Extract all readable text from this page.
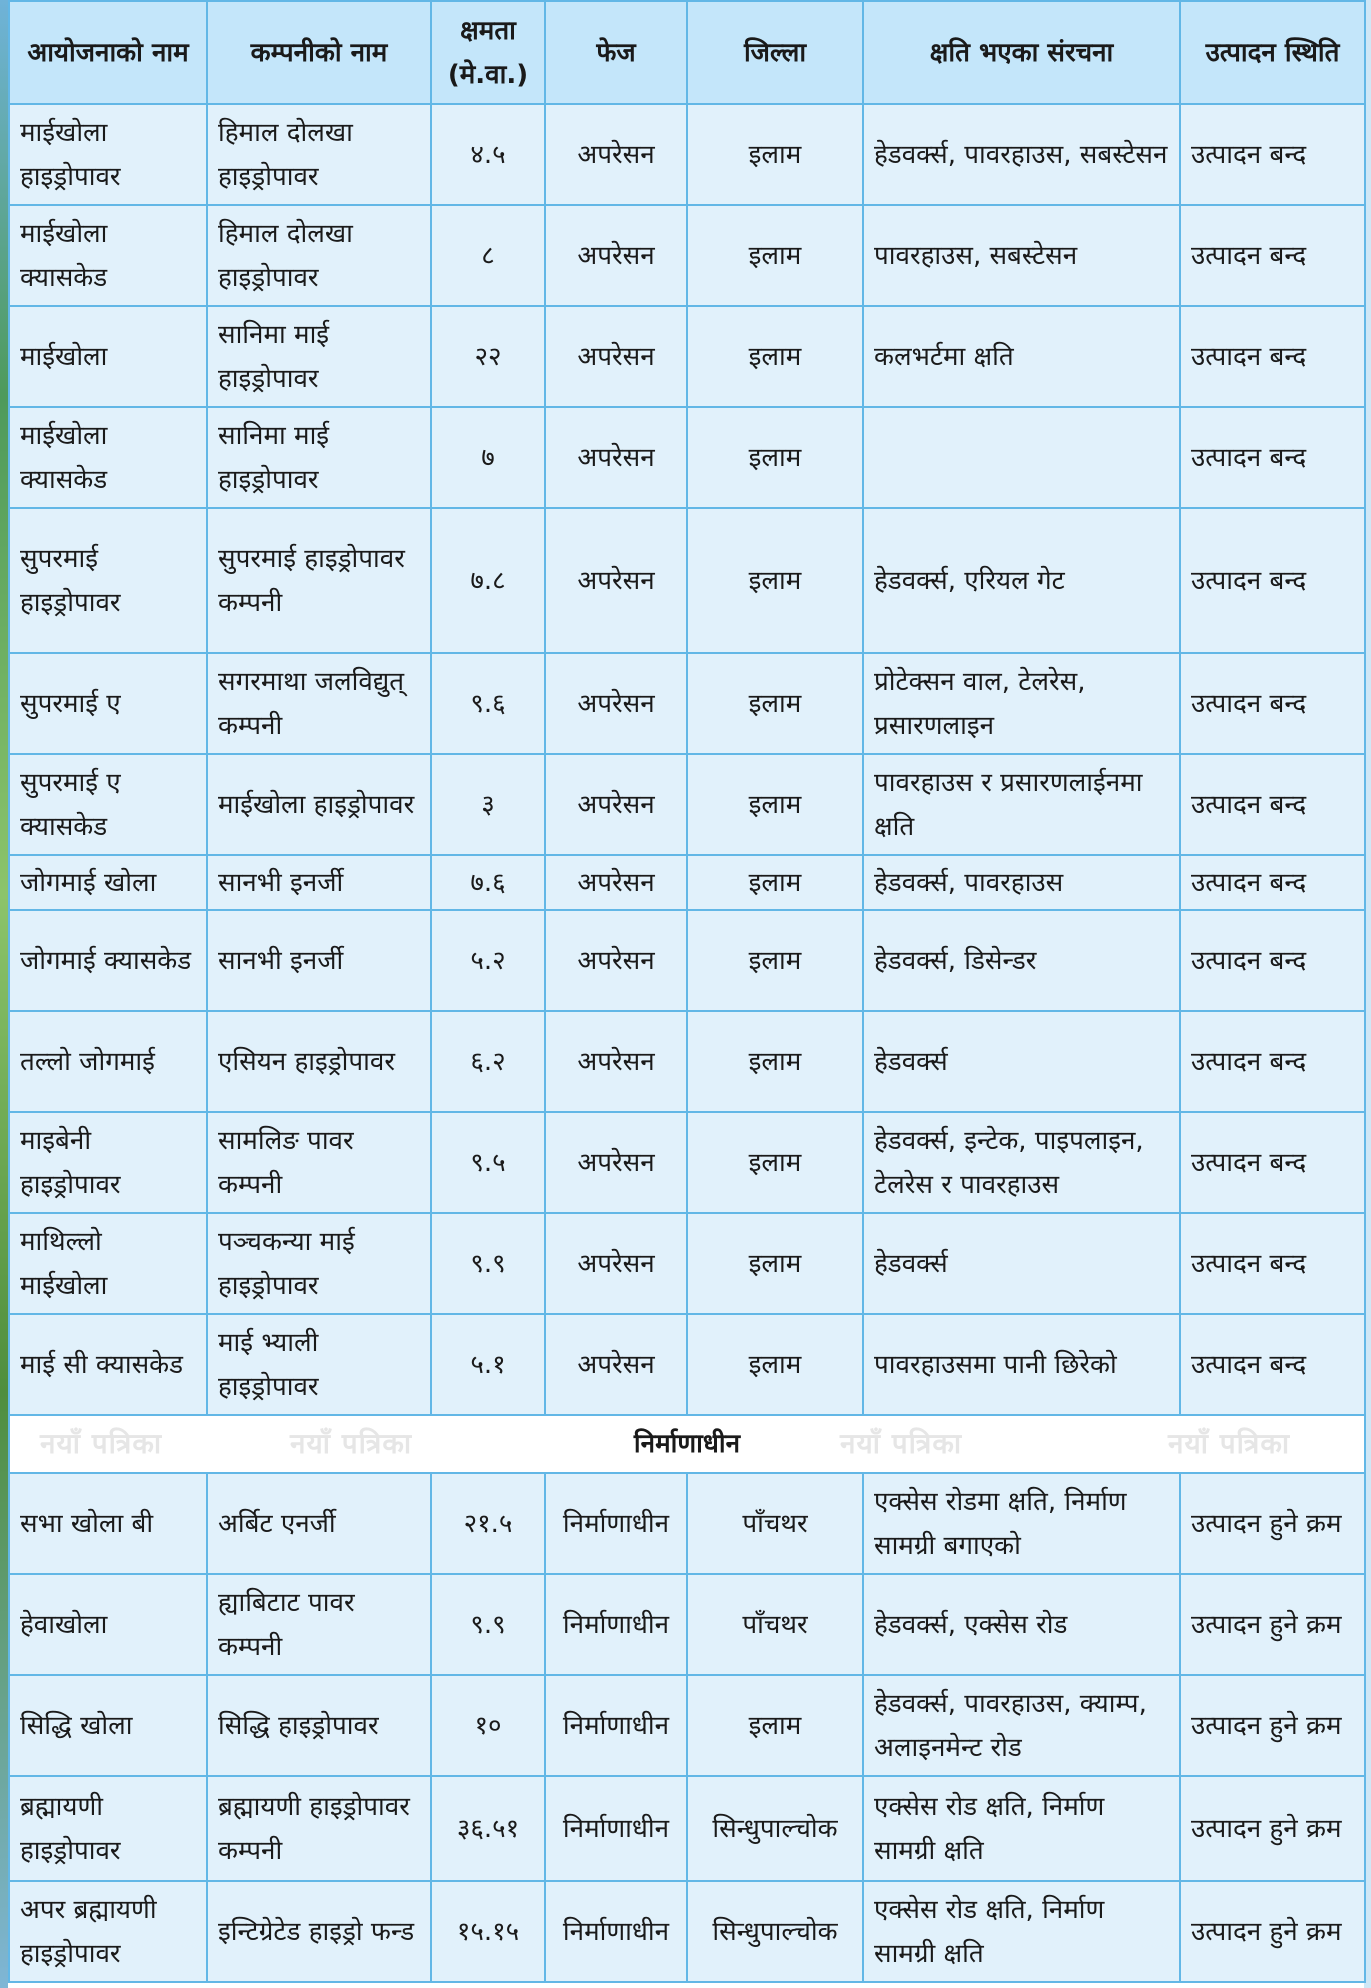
आयोजनाको नाम	कम्पनीको नाम	क्षमता (मे.वा.)	फेज	जिल्ला	क्षति भएका संरचना	उत्पादन स्थिति
माईखोला हाइड्रोपावर	हिमाल दोलखा हाइड्रोपावर	४.५	अपरेसन	इलाम	हेडवर्क्स, पावरहाउस, सबस्टेसन	उत्पादन बन्द
माईखोला क्यासकेड	हिमाल दोलखा हाइड्रोपावर	८	अपरेसन	इलाम	पावरहाउस, सबस्टेसन	उत्पादन बन्द
माईखोला	सानिमा माई हाइड्रोपावर	२२	अपरेसन	इलाम	कलभर्टमा क्षति	उत्पादन बन्द
माईखोला क्यासकेड	सानिमा माई हाइड्रोपावर	७	अपरेसन	इलाम		उत्पादन बन्द
सुपरमाई हाइड्रोपावर	सुपरमाई हाइड्रोपावर कम्पनी	७.८	अपरेसन	इलाम	हेडवर्क्स, एरियल गेट	उत्पादन बन्द
सुपरमाई ए	सगरमाथा जलविद्युत् कम्पनी	९.६	अपरेसन	इलाम	प्रोटेक्सन वाल, टेलरेस, प्रसारणलाइन	उत्पादन बन्द
सुपरमाई ए क्यासकेड	माईखोला हाइड्रोपावर	३	अपरेसन	इलाम	पावरहाउस र प्रसारणलाईनमा क्षति	उत्पादन बन्द
जोगमाई खोला	सानभी इनर्जी	७.६	अपरेसन	इलाम	हेडवर्क्स, पावरहाउस	उत्पादन बन्द
जोगमाई क्यासकेड	सानभी इनर्जी	५.२	अपरेसन	इलाम	हेडवर्क्स, डिसेन्डर	उत्पादन बन्द
तल्लो जोगमाई	एसियन हाइड्रोपावर	६.२	अपरेसन	इलाम	हेडवर्क्स	उत्पादन बन्द
माइबेनी हाइड्रोपावर	सामलिङ पावर कम्पनी	९.५	अपरेसन	इलाम	हेडवर्क्स, इन्टेक, पाइपलाइन, टेलरेस र पावरहाउस	उत्पादन बन्द
माथिल्लो माईखोला	पञ्चकन्या माई हाइड्रोपावर	९.९	अपरेसन	इलाम	हेडवर्क्स	उत्पादन बन्द
माई सी क्यासकेड	माई भ्याली हाइड्रोपावर	५.१	अपरेसन	इलाम	पावरहाउसमा पानी छिरेको	उत्पादन बन्द

नयाँ पत्रिका नयाँ पत्रिका निर्माणाधीन नयाँ पत्रिका नयाँ पत्रिका						

सभा खोला बी	अर्बिट एनर्जी	२१.५	निर्माणाधीन	पाँचथर	एक्सेस रोडमा क्षति, निर्माण सामग्री बगाएको	उत्पादन हुने क्रम
हेवाखोला	ह्याबिटाट पावर कम्पनी	९.९	निर्माणाधीन	पाँचथर	हेडवर्क्स, एक्सेस रोड	उत्पादन हुने क्रम
सिद्धि खोला	सिद्धि हाइड्रोपावर	१०	निर्माणाधीन	इलाम	हेडवर्क्स, पावरहाउस, क्याम्प, अलाइनमेन्ट रोड	उत्पादन हुने क्रम
ब्रह्मायणी हाइड्रोपावर	ब्रह्मायणी हाइड्रोपावर कम्पनी	३६.५१	निर्माणाधीन	सिन्धुपाल्चोक	एक्सेस रोड क्षति, निर्माण सामग्री क्षति	उत्पादन हुने क्रम
अपर ब्रह्मायणी हाइड्रोपावर	इन्टिग्रेटेड हाइड्रो फन्ड	१५.१५	निर्माणाधीन	सिन्धुपाल्चोक	एक्सेस रोड क्षति, निर्माण सामग्री क्षति	उत्पादन हुने क्रम
